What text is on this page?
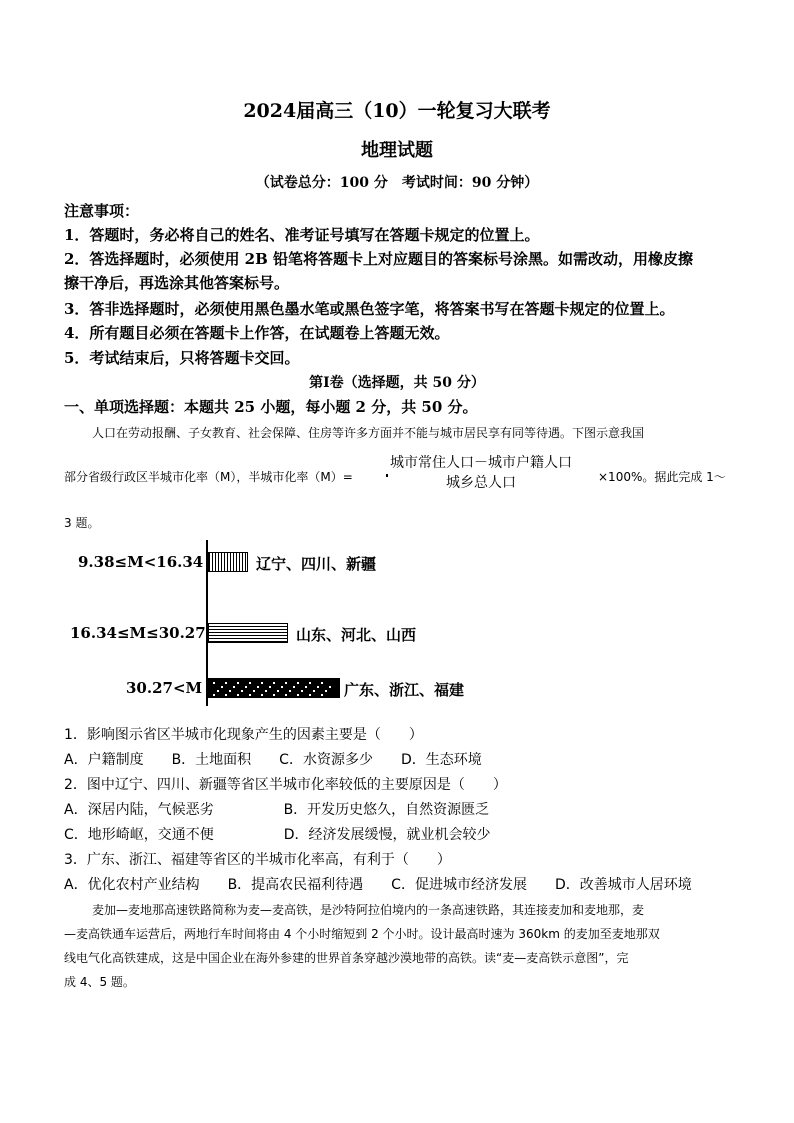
2024届高三（10）一轮复习大联考
地理试题
（试卷总分：100 分　考试时间：90 分钟）
注意事项：
1．答题时，务必将自己的姓名、准考证号填写在答题卡规定的位置上。
2．答选择题时，必须使用 2B 铅笔将答题卡上对应题目的答案标号涂黑。如需改动，用橡皮擦
擦干净后，再选涂其他答案标号。
3．答非选择题时，必须使用黑色墨水笔或黑色签字笔，将答案书写在答题卡规定的位置上。
4．所有题目必须在答题卡上作答，在试题卷上答题无效。
5．考试结束后，只将答题卡交回。
第Ⅰ卷（选择题，共 50 分）
一、单项选择题：本题共 25 小题，每小题 2 分，共 50 分。
人口在劳动报酬、子女教育、社会保障、住房等许多方面并不能与城市居民享有同等待遇。下图示意我国
部分省级行政区半城市化率（M），半城市化率（M）=
城市常住人口－城市户籍人口
城乡总人口	×100%。据此完成 1～
3 题。
9.38≤M<16.34	辽宁、四川、新疆
16.34≤M≤30.27	山东、河北、山西
30.27<M	广东、浙江、福建
1．影响图示省区半城市化现象产生的因素主要是（　　）
A．户籍制度　　B．土地面积　　C．水资源多少　　D．生态环境
2．图中辽宁、四川、新疆等省区半城市化率较低的主要原因是（　　）
A．深居内陆，气候恶劣　　　　　B．开发历史悠久，自然资源匮乏
C．地形崎岖，交通不便　　　　　D．经济发展缓慢，就业机会较少
3．广东、浙江、福建等省区的半城市化率高，有利于（　　）
A．优化农村产业结构　　B．提高农民福利待遇　　C．促进城市经济发展　　D．改善城市人居环境
麦加—麦地那高速铁路简称为麦—麦高铁，是沙特阿拉伯境内的一条高速铁路，其连接麦加和麦地那，麦
—麦高铁通车运营后，两地行车时间将由 4 个小时缩短到 2 个小时。设计最高时速为 360km 的麦加至麦地那双
线电气化高铁建成，这是中国企业在海外参建的世界首条穿越沙漠地带的高铁。读“麦—麦高铁示意图”，完
成 4、5 题。
